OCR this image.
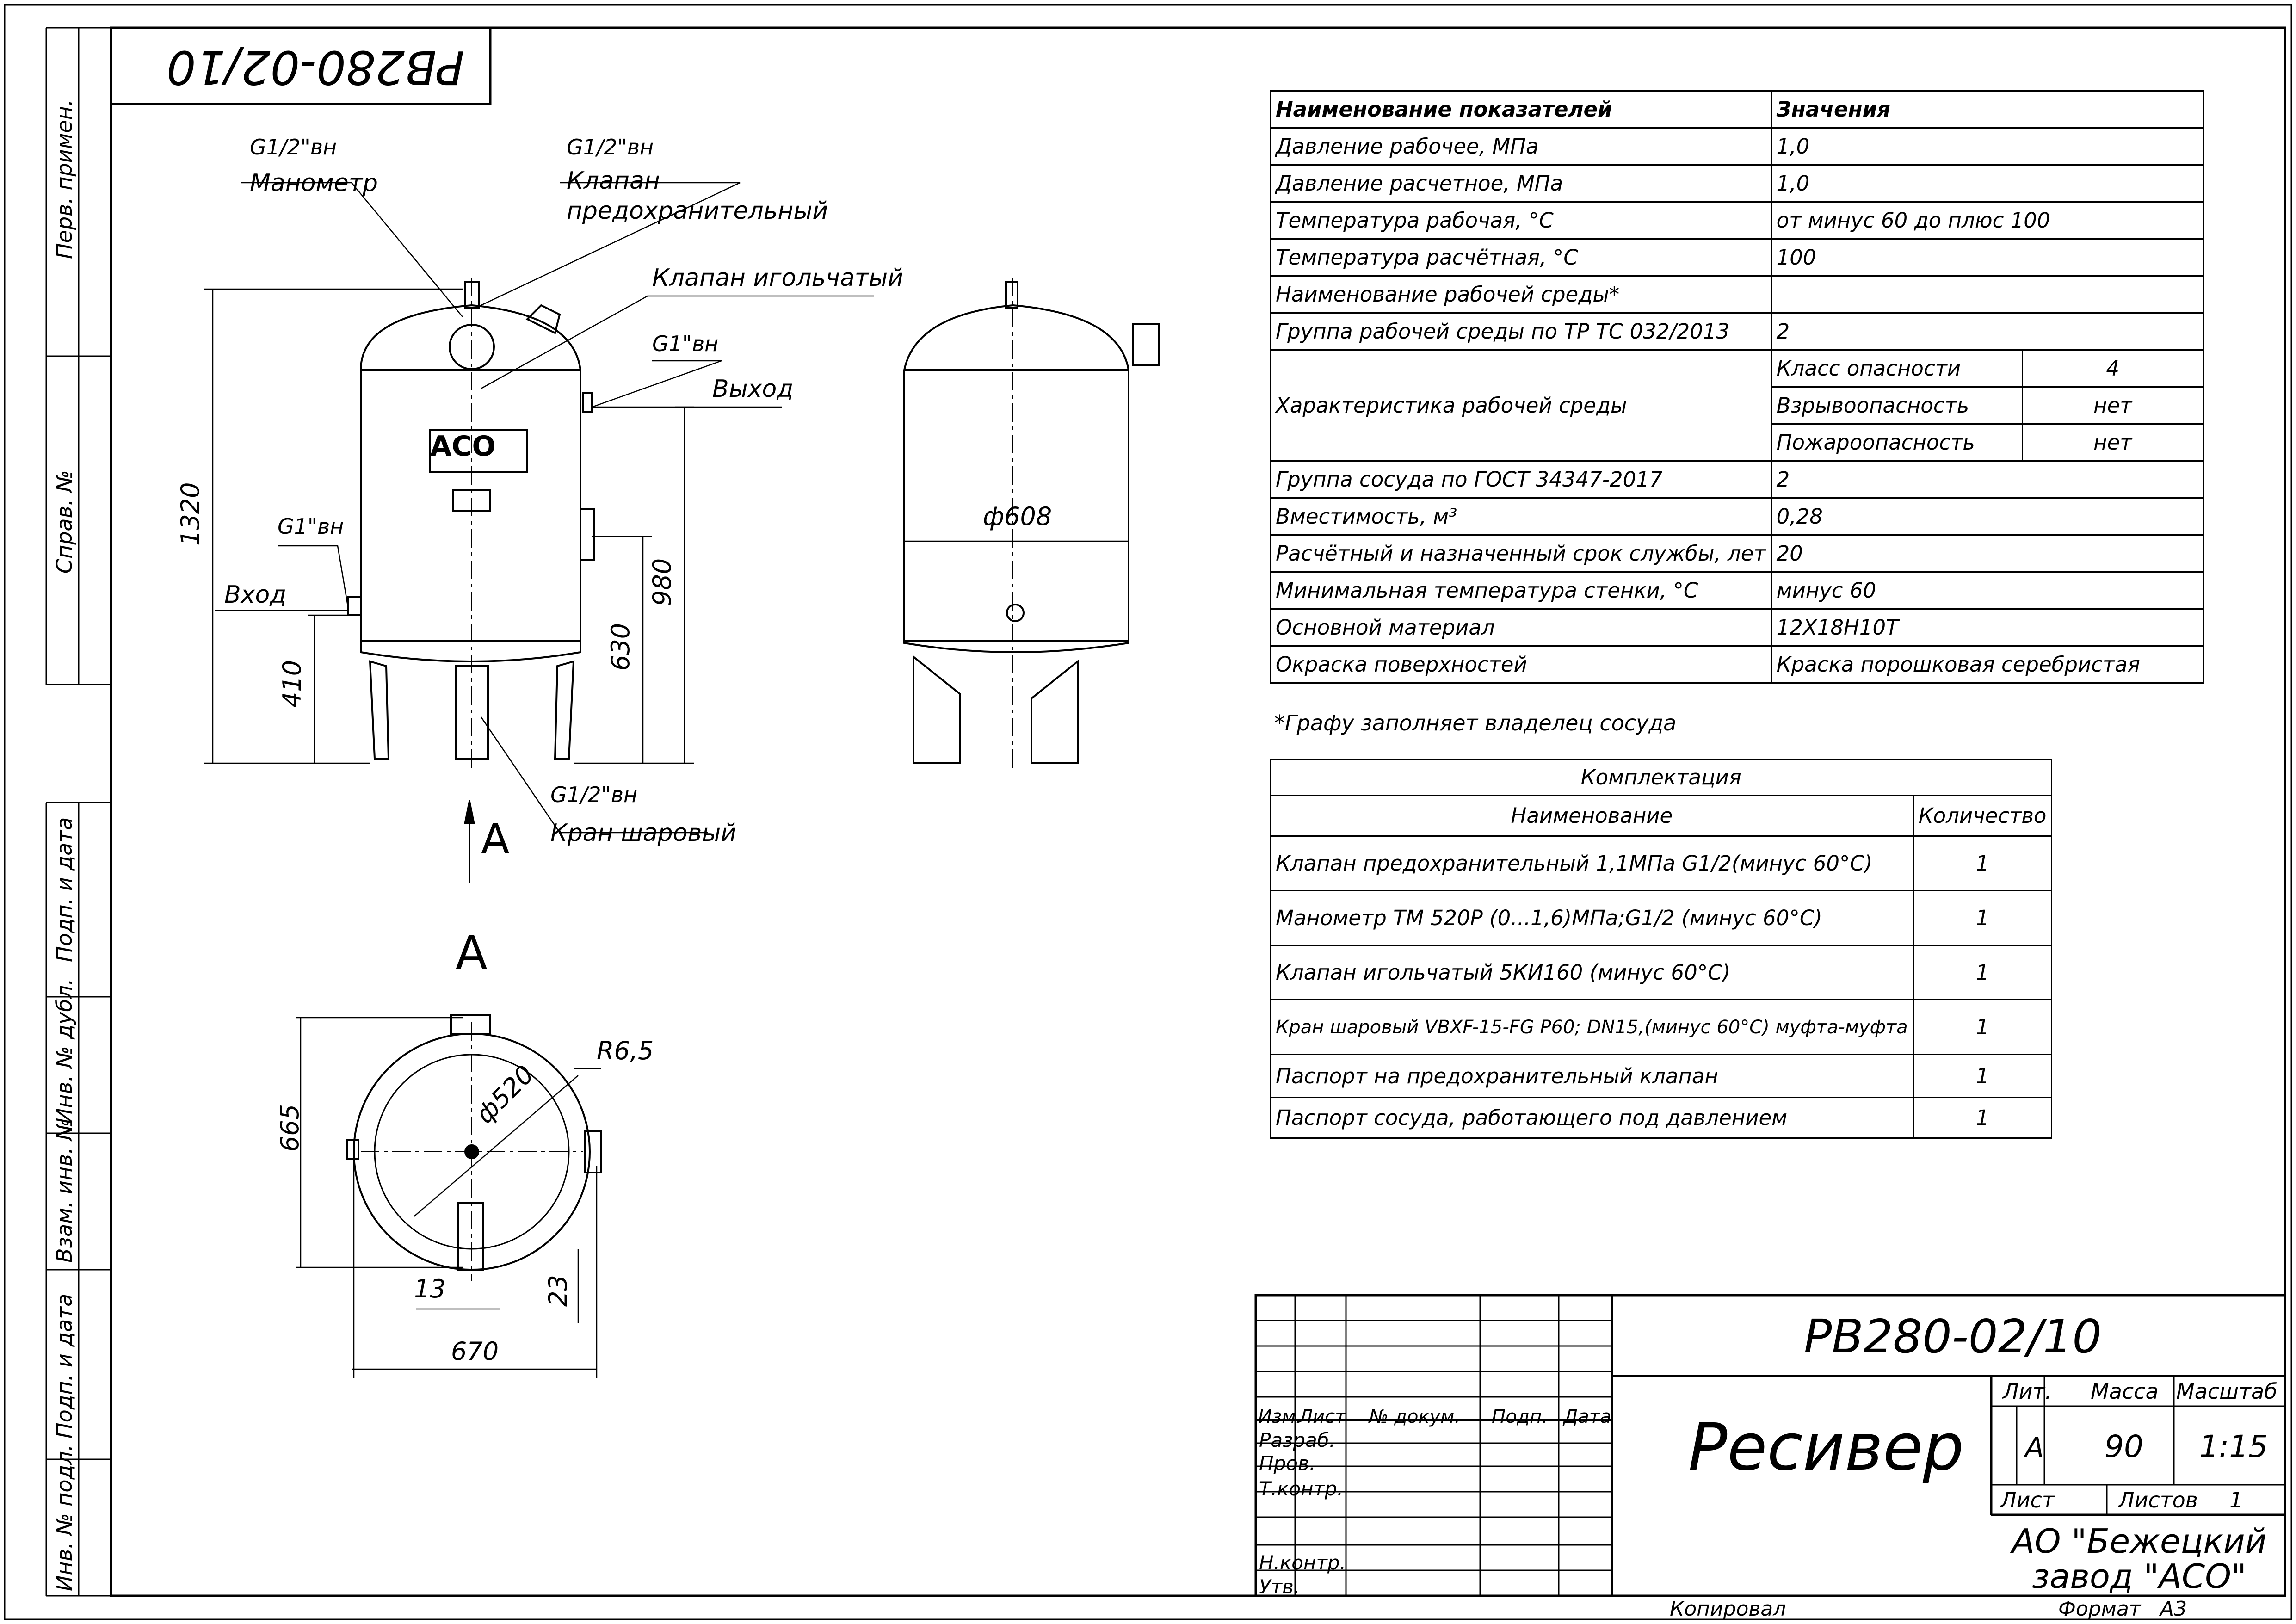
PB280-02/10
Перв. примен.
Справ. №
Подп. и дата
Инв. № дубл.
Взам. инв. №
Подп. и дата
Инв. № подл.
G1/2"вн
Манометр
G1/2"вн
Клапан
предохранительный
Клапан игольчатый
G1"вн
Выход
G1"вн
Вход
G1/2"вн
Кран шаровый
A
A
1320
980
630
410
ф608
ф520
R6,5
665
670
13	23
АСО
Наименование показателей	Значения	
Давление рабочее, МПа	1,0	
Давление расчетное, МПа	1,0	
Температура рабочая, °С	от минус 60 до плюс 100	
Температура расчётная, °С	100	
Наименование рабочей среды*		
Группа рабочей среды по ТР ТС 032/2013	2	
Характеристика рабочей среды	Класс опасности	4
	Взрывоопасность	нет
	Пожароопасность	нет
Группа сосуда по ГОСТ 34347-2017	2	
Вместимость, м³	0,28	
Расчётный и назначенный срок службы, лет	20	
Минимальная температура стенки, °С	минус 60	
Основной материал	12Х18Н10Т	
Окраска поверхностей	Краска порошковая серебристая	
*Графу заполняет владелец сосуда
Комплектация	
Наименование	Количество
Клапан предохранительный 1,1МПа G1/2(минус 60°С)	1
Манометр ТМ 520Р (0...1,6)МПа;G1/2 (минус 60°С)	1
Клапан игольчатый 5КИ160 (минус 60°С)	1
Кран шаровый VBXF-15-FG P60; DN15,(минус 60°С) муфта-муфта	1
Паспорт на предохранительный клапан	1
Паспорт сосуда, работающего под давлением	1
РВ280-02/10
Ресивер
Изм.
Лист № докум. Подп. Дата
Разраб.
Пров.
Т.контр.
Н.контр.
Утв.
Лит. Масса Масштаб
А 90 1:15
Лист	Листов 1
АО "Бежецкий завод "АСО"
Копировал	Формат А3
